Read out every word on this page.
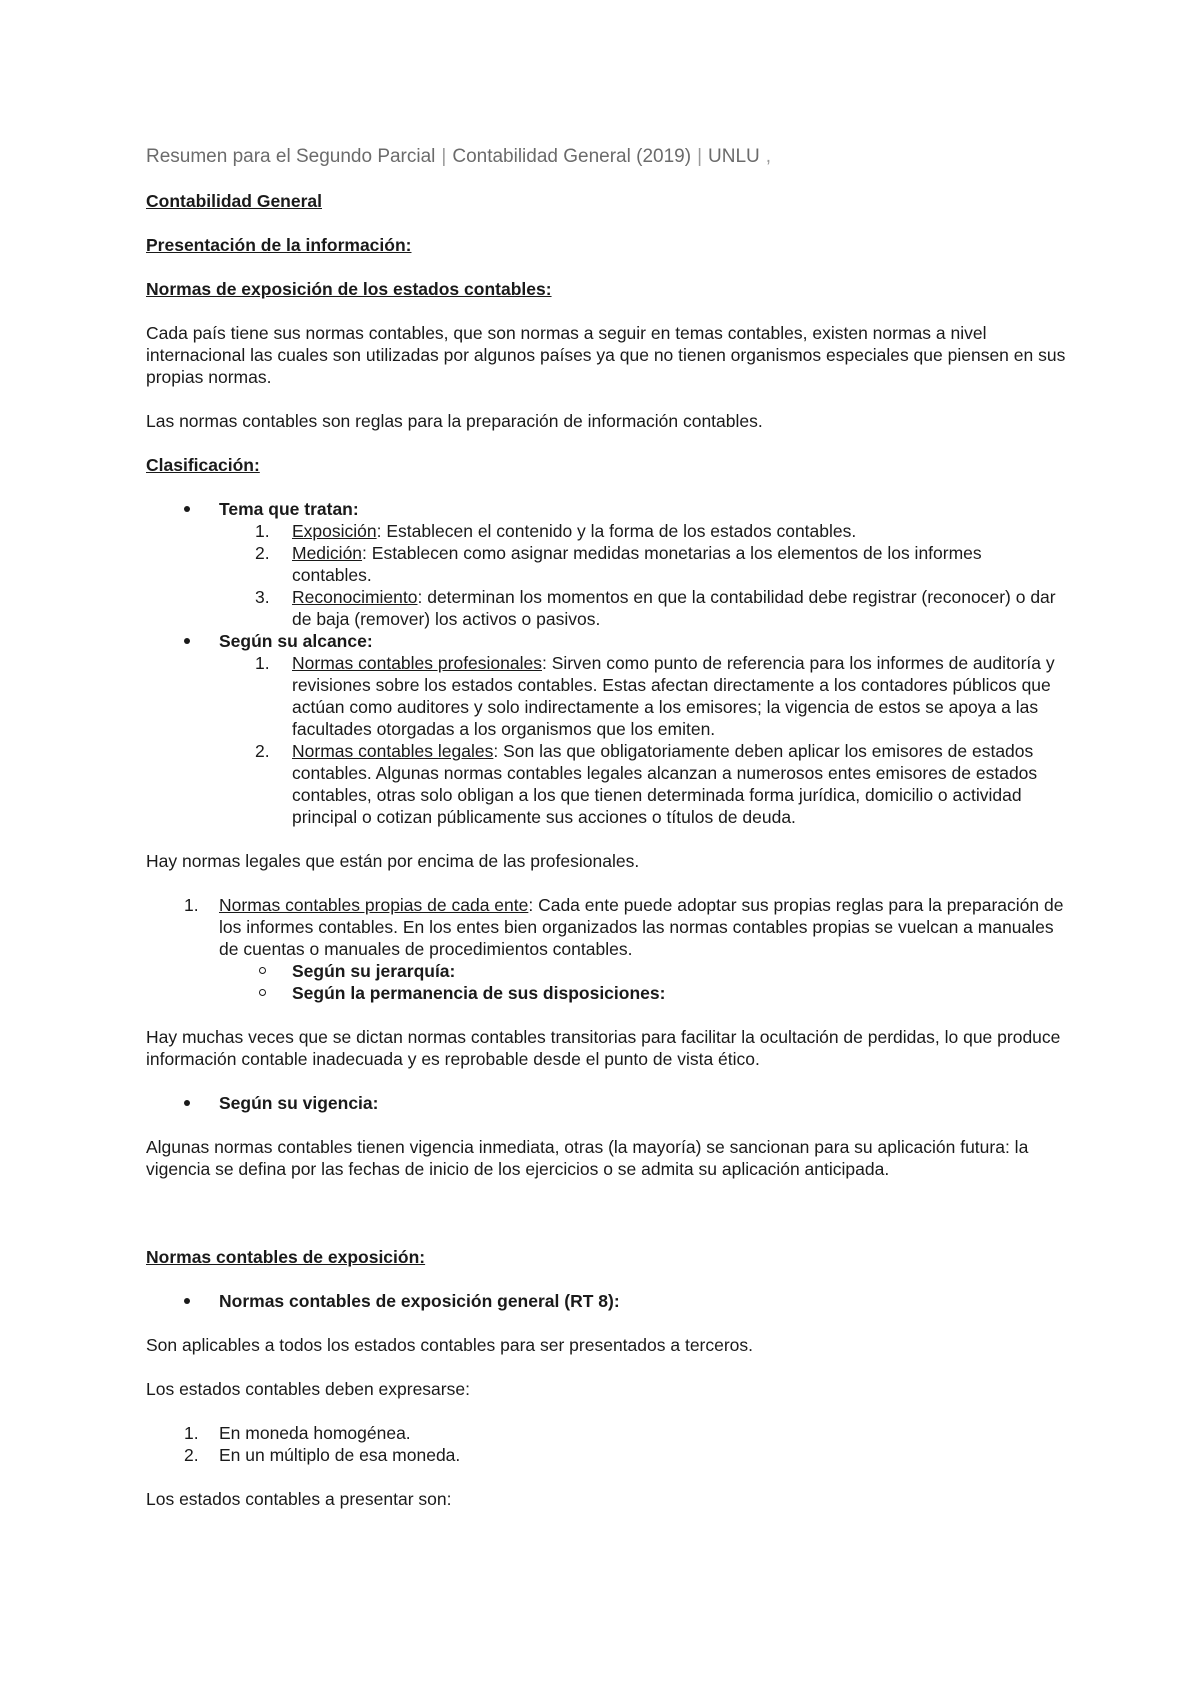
Resumen para el Segundo Parcial | Contabilidad General (2019) | UNLU ,

Contabilidad General

Presentación de la información:

Normas de exposición de los estados contables:

Cada país tiene sus normas contables, que son normas a seguir en temas contables, existen normas a nivel internacional las cuales son utilizadas por algunos países ya que no tienen organismos especiales que piensen en sus propias normas.

Las normas contables son reglas para la preparación de información contables.

Clasificación:

Tema que tratan:
1. Exposición: Establecen el contenido y la forma de los estados contables.
2. Medición: Establecen como asignar medidas monetarias a los elementos de los informes contables.
3. Reconocimiento: determinan los momentos en que la contabilidad debe registrar (reconocer) o dar de baja (remover) los activos o pasivos.
Según su alcance:
1. Normas contables profesionales: Sirven como punto de referencia para los informes de auditoría y revisiones sobre los estados contables. Estas afectan directamente a los contadores públicos que actúan como auditores y solo indirectamente a los emisores; la vigencia de estos se apoya a las facultades otorgadas a los organismos que los emiten.
2. Normas contables legales: Son las que obligatoriamente deben aplicar los emisores de estados contables. Algunas normas contables legales alcanzan a numerosos entes emisores de estados contables, otras solo obligan a los que tienen determinada forma jurídica, domicilio o actividad principal o cotizan públicamente sus acciones o títulos de deuda.

Hay normas legales que están por encima de las profesionales.

1. Normas contables propias de cada ente: Cada ente puede adoptar sus propias reglas para la preparación de los informes contables. En los entes bien organizados las normas contables propias se vuelcan a manuales de cuentas o manuales de procedimientos contables.
Según su jerarquía:
Según la permanencia de sus disposiciones:

Hay muchas veces que se dictan normas contables transitorias para facilitar la ocultación de perdidas, lo que produce información contable inadecuada y es reprobable desde el punto de vista ético.

Según su vigencia:

Algunas normas contables tienen vigencia inmediata, otras (la mayoría) se sancionan para su aplicación futura: la vigencia se defina por las fechas de inicio de los ejercicios o se admita su aplicación anticipada.

Normas contables de exposición:

Normas contables de exposición general (RT 8):

Son aplicables a todos los estados contables para ser presentados a terceros.

Los estados contables deben expresarse:

1. En moneda homogénea.
2. En un múltiplo de esa moneda.

Los estados contables a presentar son:
